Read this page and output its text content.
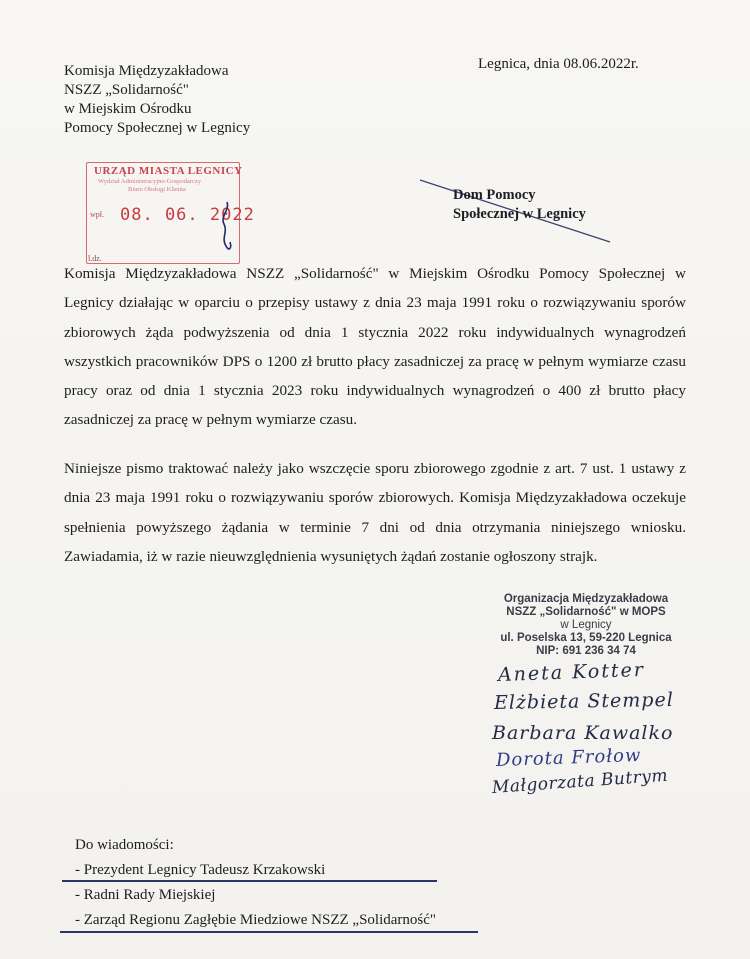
Komisja Międzyzakładowa
NSZZ „Solidarność"
w Miejskim Ośrodku
Pomocy Społecznej w Legnicy
Legnica, dnia 08.06.2022r.
URZĄD MIASTA LEGNICY
Wydział Administracyjno-Gospodarczy
Biuro Obsługi Klienta
wpł. 08. 06. 2022
l.dz.
Dom Pomocy
Społecznej w Legnicy
Komisja Międzyzakładowa NSZZ „Solidarność" w Miejskim Ośrodku Pomocy Społecznej w Legnicy działając w oparciu o przepisy ustawy z dnia 23 maja 1991 roku o rozwiązywaniu sporów zbiorowych żąda podwyższenia od dnia 1 stycznia 2022 roku indywidualnych wynagrodzeń wszystkich pracowników DPS o 1200 zł brutto płacy zasadniczej za pracę w pełnym wymiarze czasu pracy oraz od dnia 1 stycznia 2023 roku indywidualnych wynagrodzeń o 400 zł brutto płacy zasadniczej za pracę w pełnym wymiarze czasu.
Niniejsze pismo traktować należy jako wszczęcie sporu zbiorowego zgodnie z art. 7 ust. 1 ustawy z dnia 23 maja 1991 roku o rozwiązywaniu sporów zbiorowych. Komisja Międzyzakładowa oczekuje spełnienia powyższego żądania w terminie 7 dni od dnia otrzymania niniejszego wniosku. Zawiadamia, iż w razie nieuwzględnienia wysuniętych żądań zostanie ogłoszony strajk.
Organizacja Międzyzakładowa
NSZZ „Solidarność" w MOPS
w Legnicy
ul. Poselska 13, 59-220 Legnica
NIP: 691 236 34 74
Aneta Kotter
Elżbieta Stempel
Barbara Kawalko
Dorota Frołow
Małgorzata Butrym
Do wiadomości:
- Prezydent Legnicy Tadeusz Krzakowski
- Radni Rady Miejskiej
- Zarząd Regionu Zagłębie Miedziowe NSZZ „Solidarność"
